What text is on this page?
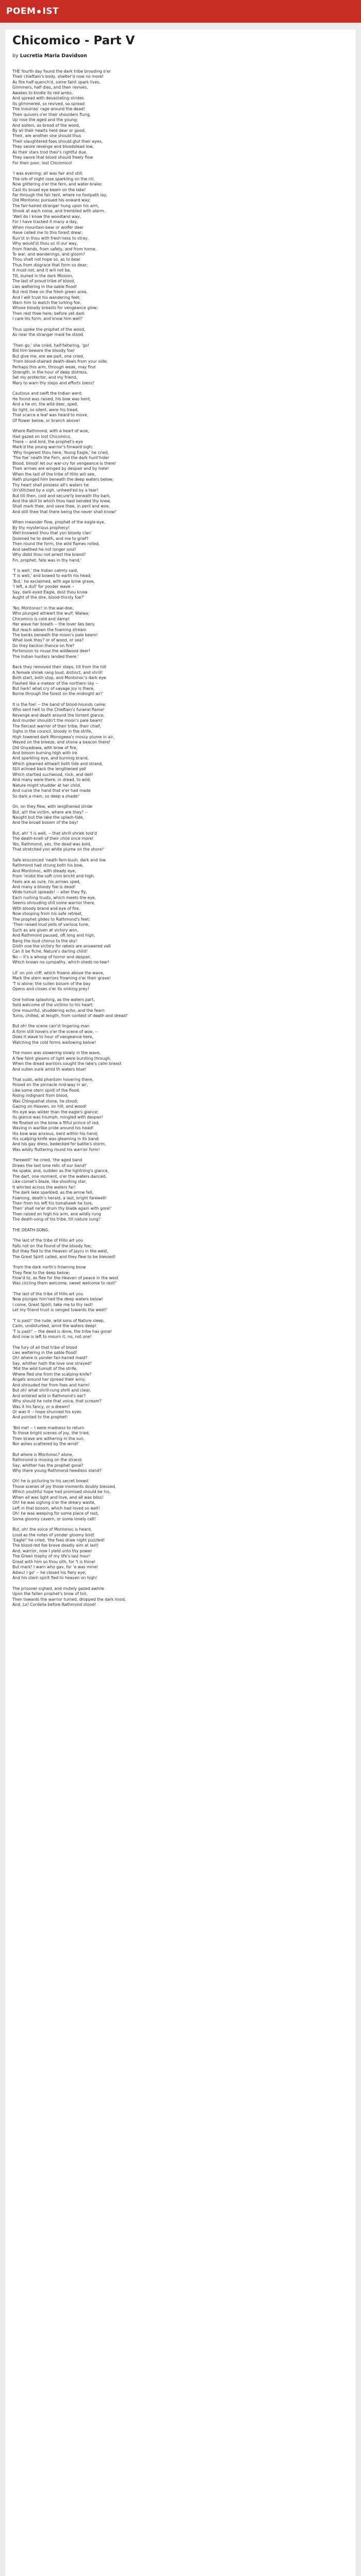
POEM IST
Chicomico - Part V
by Lucretia Maria Davidson
THE fourth day found the dark tribe brooding o'er
Their chieftain's body, shelter'd now no more!
As fire half-quench'd, some faint spark lives,
Glimmers, half dies, and then revives,
Awakes to kindle its red ambs,
And spread with devastating strides
Its glimmered, so revived, so spread
The Inouiries' rage around the dead!
Their quivers o'er their shoulders flung,
Up rose the aged and the young;
And sisters, as brood of the wood,
By all their hearts held dear or good,
Their, are another one should thus
Their slaughtered foes should glut their eyes,
They swore revenge and bloodstead low,
As their stars trod their's rightful due,
They swore that blood should freely flow
For their poor, lost Chicomico!
'I was evening; all was fair and still;
The orb of night rose sparkling on the rill,
Now glittering o'er the fern, and water-brake;
Cast its broad eye beam on the lake!
Far through the fair tent, where no footpath lay,
Old Montonoc pursued his onward way;
The fair-haired stranger hung upon his arm,
Shook at each noise, and trembled with alarm.
'Well do I know the woodland way,
For I have tracked it many a day,
When mountain-bear or wolfer deer
Have called me to this forest drear;
Run'st in thou with fresh'ness to stray,
Why would'st thou so ill our way,
From friends, from safety, and from home,
To war, and wanderings, and gloom?
Thou shalt not hope so, as to bear
Thus from disgrace that form so dear;
It must not, and it will not be,
Till, buried in the dark Mission,
The last of proud tribe of blood,
Lies weltering in the sable flood!
But rest thee on the fresh green area,
And I will trust his wandering feet;
Warn him to watch the lurking foe,
Whose bloody breasts for vengeance glow;
Then rest thee here; before yet dark
I care his form, and know him well!'
Thus spoke the prophet of the wood,
As near the stranger maid he stood.
'Then go,' she cried, half-faltering, 'go!
Bid him beware the bloody foe!
But give me, ere we part, one cried,
'From blood-stained death-deals from your side;
Perhaps this arm, through weak, may find
Strength, in the hour of deep distress,
Set my protector, and my friend,
Mary to warn thy steps and efforts bless!'
Cautious and swift the Indian went;
He found was raised, his bow was bent,
And a he on, the wild deer, sped,
So light, so silent, were his tread,
That scarce a leaf was heard to move,
Of flower below, or branch above!
Where Rathmond, with a heart of woe,
Had gazed on lost Chicomico,
There -- and lord, the prophet's eye
Mark'd the young warrior's forward sigh;
'Why lingerest thou here, Young Eagle,' he cried,
'The foe' neath the Fern, and the dark hunt'hider
Blood, blood! let our war-cry for vengeance is there!
Their arrows are winged by despair and by hate!
When the last of the tribe of Hillo will see,
Hath plunged him beneath the deep waters below;
Thy heart shall possess all's waters he
Un'stitched by a sigh, unheed'ed by a tear!
But till then, cold and secure'ly beneath thy bark,
And the skill to which thou hast bended thy knee,
Shall mark thee, and save thee, in peril and woe,
And still thee that there being the never shall know!'
When meander flow, prophet of the eagle-eye,
By thy mysterious prophecy!
Well knowest thou that yon bloody clan'
Doomed he to death, and me to grief?
Then round the form, the wild flames rolled,
And seethed he not longer soul!
Why didst thou not arrest the brand?
Fin, prophet, fate was in thy hand.'
'T is well,' the Indian calmly said,
'T is well,' and bowed to earth his head;
'But,' he exclaimed, with age brow grave,
'I left, a dull' for yonder wave --
Say, dark-eyed Eagle, dost thou know
Aught of the dire, blood-thirsty foe?'
'No; Montonoc! in the war-doe,
Who plunged athwart the wulf; Waiwa;
Chicomico is cold and damp!
Her wave her breath -- the lover lies bery.
But reach adown the foaming stream
The banks beneath the moon's pale beam!
What look they? or of wood, or sea?
Do they beckon thence on fire?
Portension to rouse the wildwood deer!
The Indian hunters landed there.'
Back they removed their steps, till from the hill
A female shriek rang loud, distinct, and shrill!
Both start, both stop, and Montonoc's dark eye
Flashed like a meteor of the northern sky --
But hark! what cry of savage joy is there,
Borne through the forest on the midnight air!'
It is the foe! -- the band of blood-hounds came;
Who sent heit to the Chieftain's funeral flame!
Revenge and death around the torrent glance,
And murder shouldn't the moon's pale beam!
The fiercest warrior of their tribe, their chief,
Sighs in the council, bloody in the strife,
High towered dark Monogeea's mossy plume in air,
Waved on the breeze, and shone a beacon there!
Old Onyadowa, with brow of fire,
And bosom burning high with ire
And sparkling eye, and burning brand,
Which gleamed athwart both tide and strand,
Still echoed back the lengthened yell
Which startled suchwood, rock, and dell!
And many were there, in dread, to wild,
Nature might shudder at her child,
And curse the hand that e'er had made
So dark a main, so deep a shade!'
On, on they flew, with lengthened stride
But, all! the victim, where are they? --
Naught but the lake the splash-tide,
And the broad bosom of the bay!
But, ah! 't is well, -- that shrill shriek told'd
The death-knell of their child once more!
Yes, Rathmond, yes, the dead was bold,
That stretched yon white plume on the shore!'
Safe ensconced 'neath fern-bush, dark and low
Rathmond had strung both his bow,
And Montonoc, with steady eye,
From 'midst the soft crim bricht and high.
Feels are as sure, his arrows sped,
And many a bloody foe is dead!
Wide tumult spreads! -- alter they fly,
Each rushing trusts, which meets the eye,
Seems shrouding still some warrior there,
With bloody brand and eye of fire.
Now stooping from his safe retreat,
The prophet glides to Rathmond's feet:
'Then raised loud yells of various tune,
Such as are given at victory won,
And Rathmond paused, oft long and high,
Bang the loud chorus to the sky!
Gloth one the victory for rebels are answered vell
Can it be fiche, Nature's darling child!
No -- it's a whoop of horror and despair,
Which knows no sympathy, which sheds no tear!
Lit' on yon cliff, which frowns above the wave,
Mark the stern warriors frowning o'er their grave!
'T is alone; the sullen bosom of the bay
Opens and closes o'er its sinking prey!
One hollow splashing, as the waters part,
Sold welcome of the victims to his heart;
One mournful, shuddering echo, and the fearn
Turns, chilled, at length, from contest of death and dread!'
But oh! the scene can'st lingering man
A form still hovers o'er the scene of woe, --
Does it wave to hour of vengeance here,
Watching the cold forms wallowing below!
The moon was slowering slowly in the wave,
A few faint gleams of light were bursting through,
When the dread warriors sought the lake's calm breast
And sullen sunk amid th waters blue!
That sudo, wild phantom hovering there,
Poised on the pinnacle mid-way in air,
Like some stern spirit of the flood,
Rising indignant from blood,
Was Chinquehat stone, he stood;
Gazing on Heaven, on hill, and wood!
His eye was wilder than the eagle's glance;
Its glance was triumph, mingled with despair!
He floated on the brow a fitful prince of red,
Waving in warlike pride around his head!
His bow was anxious, bent within his hand;
His scalping-knife was gleaming in its band;
And his gay dress, bedecked for battle's storm,
Was wildly fluttering round his warrior form!
'Farewell!' he cried, 'the aged band
Draws the last lone relic of our band!'
He spake, and, sudden as the lightning's glance,
The dart, one moment, o'er the waters danced,
Like comet's blaze, like shooting star,
It whirled across the waters far!
The dark lake sparkled, as the arrow fell,
Foaming, death's herald, a last, bright farewell!
Then from his left his tomahawk he tore,
Then' shall ne'er drum thy blade again with gore!'
Then raised on high his arm, and wildly rung
The death-song of his tribe, till nature sung!'
THE DEATH-SONG.
'The last of the tribe of Hillo art you
Falls not on the found of the bloody foe;
But they fled to the Heaven of Jayru in the west,
The Great Spirit called, and they flew to be blessed!
'From the dark north's frowning brow
They flew to the deep below;
Flow'd to, as flee for the Heaven of peace in the west
Was circling them welcome, sweet welcome to rest!'
'The last of the tribe of Hillo art you
Now plunges him'ned the deep waters below!
I come, Great Spirit; take me to thy rest!
Let my friend trust is senged towards the west!'
'T is past!' the rude, wild sons of Nature sleep,
Calm, undisturbed, amid the waters deep!
'T is past!' -- the deed is done, the tribe has gone!
And now is left to mourn it, no, not one!
The fury of all that tribe of blood
Lies weltering in the sable flood!
Oh! where is yonder fair-haired maid?
Say, whither hath the love one strayed?
'Mid the wild tumult of the strife,
Where fled she from the scalping-knife?
Angels around her spread their wins;
And shrouded her from foes and harm!
But oh! what shrill-rung shrill and clear,
And entered wild in Rathmond's ear?
Why should he note that voice, that scream?
Was it his fancy, or a dream?
Or was it -- hope shunned his eyes
And pointed to the prophet!
'Bid me! -- I were madness to return
To those bright scenes of joy, the tried,
Then brave are withering in the sun,
Nor ashes scattered by the wind!'
But where is Montonoc? alone,
Rathmond is musing on the strand;
Say, whither has the prophet gone?
Why there young Rathmond heedless stand?
Oh! he is picturing to his secret breast
Those scenes of joy those moments doubly blessed,
Which youthful hope had promised should be his,
When all was light and love, and all was bliss!
Oh! he was sighing o'er the dreary waste,
Left in that bosom, which had loved so well!
Oh! he was weeping for some place of rest,
Some gloomy cavern, or some lonely cell!
But, oh! the voice of Montonoc is heard,
Loud as the notes of yonder gloomy bird!
'Eagle!' he cried, 'the foes draw night puzzled!
The blood-red foe brave deadly aim at last!
And, warrior, now I yield unto thy power
The Green trophy of my life's last hour!
Great with him so thou sith, for 't is thine!
But mark! I warn who gav, for 'e was mine!
Adieu! I go' -- he closed his fiery eye,
And his stern spirit fled to heaven on high!
The prisoner sighed, and mutely gazed awhile
Upon the fallen prophet's brow of toil,
Then towards the warrior turned, dropped the dark hood,
And, Lo! Cordelia before Rathmond stood!
